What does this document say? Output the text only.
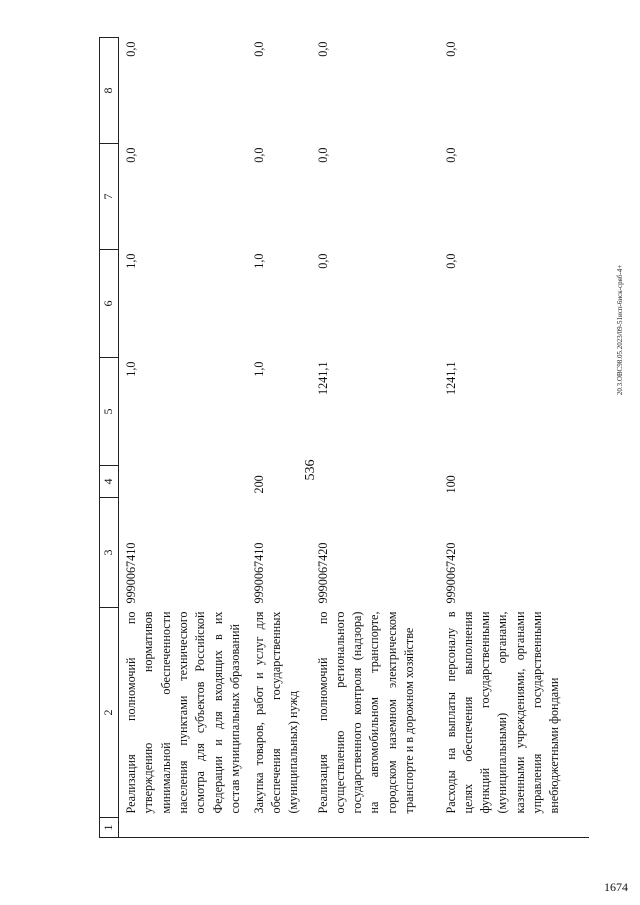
536
1	2	3	4	5	6	7	8
	Реализация полномочий по утверждению нормативов минимальной обеспеченности населения пунктами технического осмотра для субъектов Российской Федерации и для входящих в их состав муниципальных образований	9990067410		1,0	1,0	0,0	0,0
	Закупка товаров, работ и услуг для обеспечения государственных (муниципальных) нужд	9990067410	200	1,0	1,0	0,0	0,0
	Реализация полномочий по осуществлению регионального государственного контроля (надзора) на автомобильном транспорте, городском наземном электрическом транспорте и в дорожном хозяйстве	9990067420		1241,1	0,0	0,0	0,0
	Расходы на выплаты персоналу в целях обеспечения выполнения функций государственными (муниципальными) органами, казенными учреждениями, органами управления государственными внебюджетными фондами	9990067420	100	1241,1	0,0	0,0	0,0
20.3.ОВС98.05.2023/09-51исп-6иск-сряб-4+
1674
